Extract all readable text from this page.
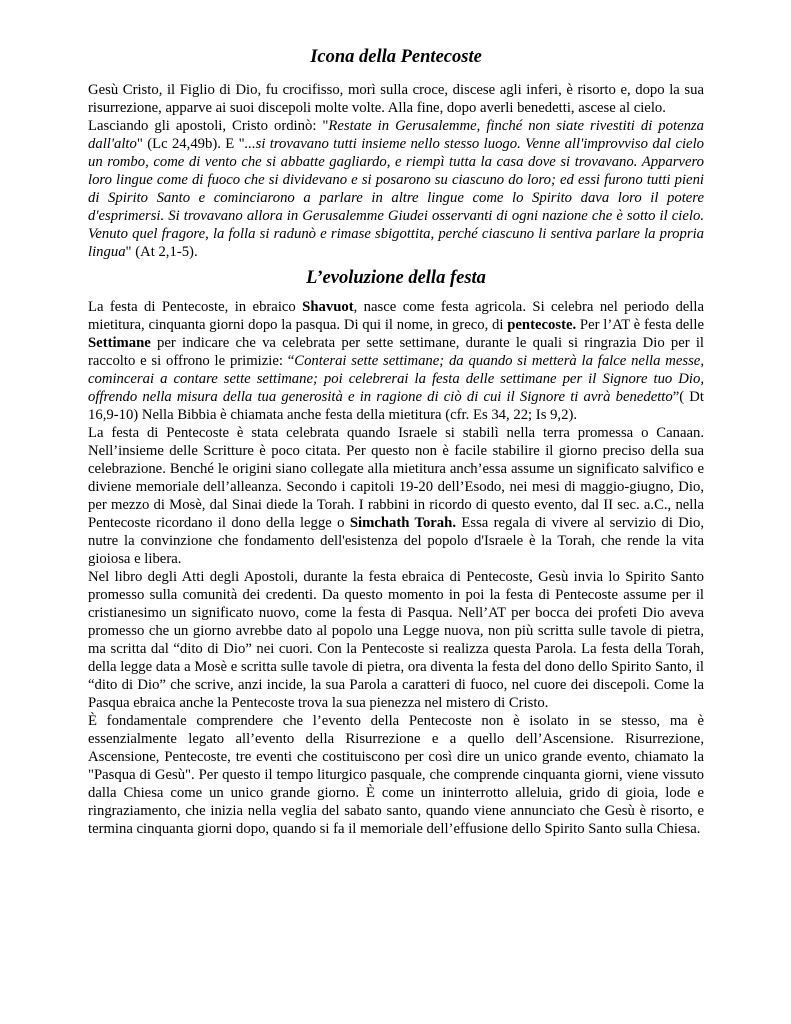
Icona della Pentecoste

Gesù Cristo, il Figlio di Dio, fu crocifisso, morì sulla croce, discese agli inferi, è risorto e, dopo la sua risurrezione, apparve ai suoi discepoli molte volte. Alla fine, dopo averli benedetti, ascese al cielo.

Lasciando gli apostoli, Cristo ordinò: "Restate in Gerusalemme, finché non siate rivestiti di potenza dall'alto" (Lc 24,49b). E "...si trovavano tutti insieme nello stesso luogo. Venne all'improvviso dal cielo un rombo, come di vento che si abbatte gagliardo, e riempì tutta la casa dove si trovavano. Apparvero loro lingue come di fuoco che si dividevano e si posarono su ciascuno do loro; ed essi furono tutti pieni di Spirito Santo e cominciarono a parlare in altre lingue come lo Spirito dava loro il potere d'esprimersi. Si trovavano allora in Gerusalemme Giudei osservanti di ogni nazione che è sotto il cielo. Venuto quel fragore, la folla si radunò e rimase sbigottita, perché ciascuno li sentiva parlare la propria lingua" (At 2,1-5).

L’evoluzione della festa

La festa di Pentecoste, in ebraico Shavuot, nasce come festa agricola. Si celebra nel periodo della mietitura, cinquanta giorni dopo la pasqua. Di qui il nome, in greco, di pentecoste. Per l’AT è festa delle Settimane per indicare che va celebrata per sette settimane, durante le quali si ringrazia Dio per il raccolto e si offrono le primizie: “Conterai sette settimane; da quando si metterà la falce nella messe, comincerai a contare sette settimane; poi celebrerai la festa delle settimane per il Signore tuo Dio, offrendo nella misura della tua generosità e in ragione di ciò di cui il Signore ti avrà benedetto”( Dt 16,9-10) Nella Bibbia è chiamata anche festa della mietitura (cfr. Es 34, 22; Is 9,2).

La festa di Pentecoste è stata celebrata quando Israele si stabilì nella terra promessa o Canaan. Nell’insieme delle Scritture è poco citata. Per questo non è facile stabilire il giorno preciso della sua celebrazione. Benché le origini siano collegate alla mietitura anch’essa assume un significato salvifico e diviene memoriale dell’alleanza. Secondo i capitoli 19-20 dell’Esodo, nei mesi di maggio-giugno, Dio, per mezzo di Mosè, dal Sinai diede la Torah. I rabbini in ricordo di questo evento, dal II sec. a.C., nella Pentecoste ricordano il dono della legge o Simchath Torah. Essa regala di vivere al servizio di Dio, nutre la convinzione che fondamento dell'esistenza del popolo d'Israele è la Torah, che rende la vita gioiosa e libera.

Nel libro degli Atti degli Apostoli, durante la festa ebraica di Pentecoste, Gesù invia lo Spirito Santo promesso sulla comunità dei credenti. Da questo momento in poi la festa di Pentecoste assume per il cristianesimo un significato nuovo, come la festa di Pasqua. Nell’AT per bocca dei profeti Dio aveva promesso che un giorno avrebbe dato al popolo una Legge nuova, non più scritta sulle tavole di pietra, ma scritta dal “dito di Dio” nei cuori. Con la Pentecoste si realizza questa Parola. La festa della Torah, della legge data a Mosè e scritta sulle tavole di pietra, ora diventa la festa del dono dello Spirito Santo, il “dito di Dio” che scrive, anzi incide, la sua Parola a caratteri di fuoco, nel cuore dei discepoli. Come la Pasqua ebraica anche la Pentecoste trova la sua pienezza nel mistero di Cristo.

È fondamentale comprendere che l’evento della Pentecoste non è isolato in se stesso, ma è essenzialmente legato all’evento della Risurrezione e a quello dell’Ascensione. Risurrezione, Ascensione, Pentecoste, tre eventi che costituiscono per così dire un unico grande evento, chiamato la "Pasqua di Gesù". Per questo il tempo liturgico pasquale, che comprende cinquanta giorni, viene vissuto dalla Chiesa come un unico grande giorno. È come un ininterrotto alleluia, grido di gioia, lode e ringraziamento, che inizia nella veglia del sabato santo, quando viene annunciato che Gesù è risorto, e termina cinquanta giorni dopo, quando si fa il memoriale dell’effusione dello Spirito Santo sulla Chiesa.
